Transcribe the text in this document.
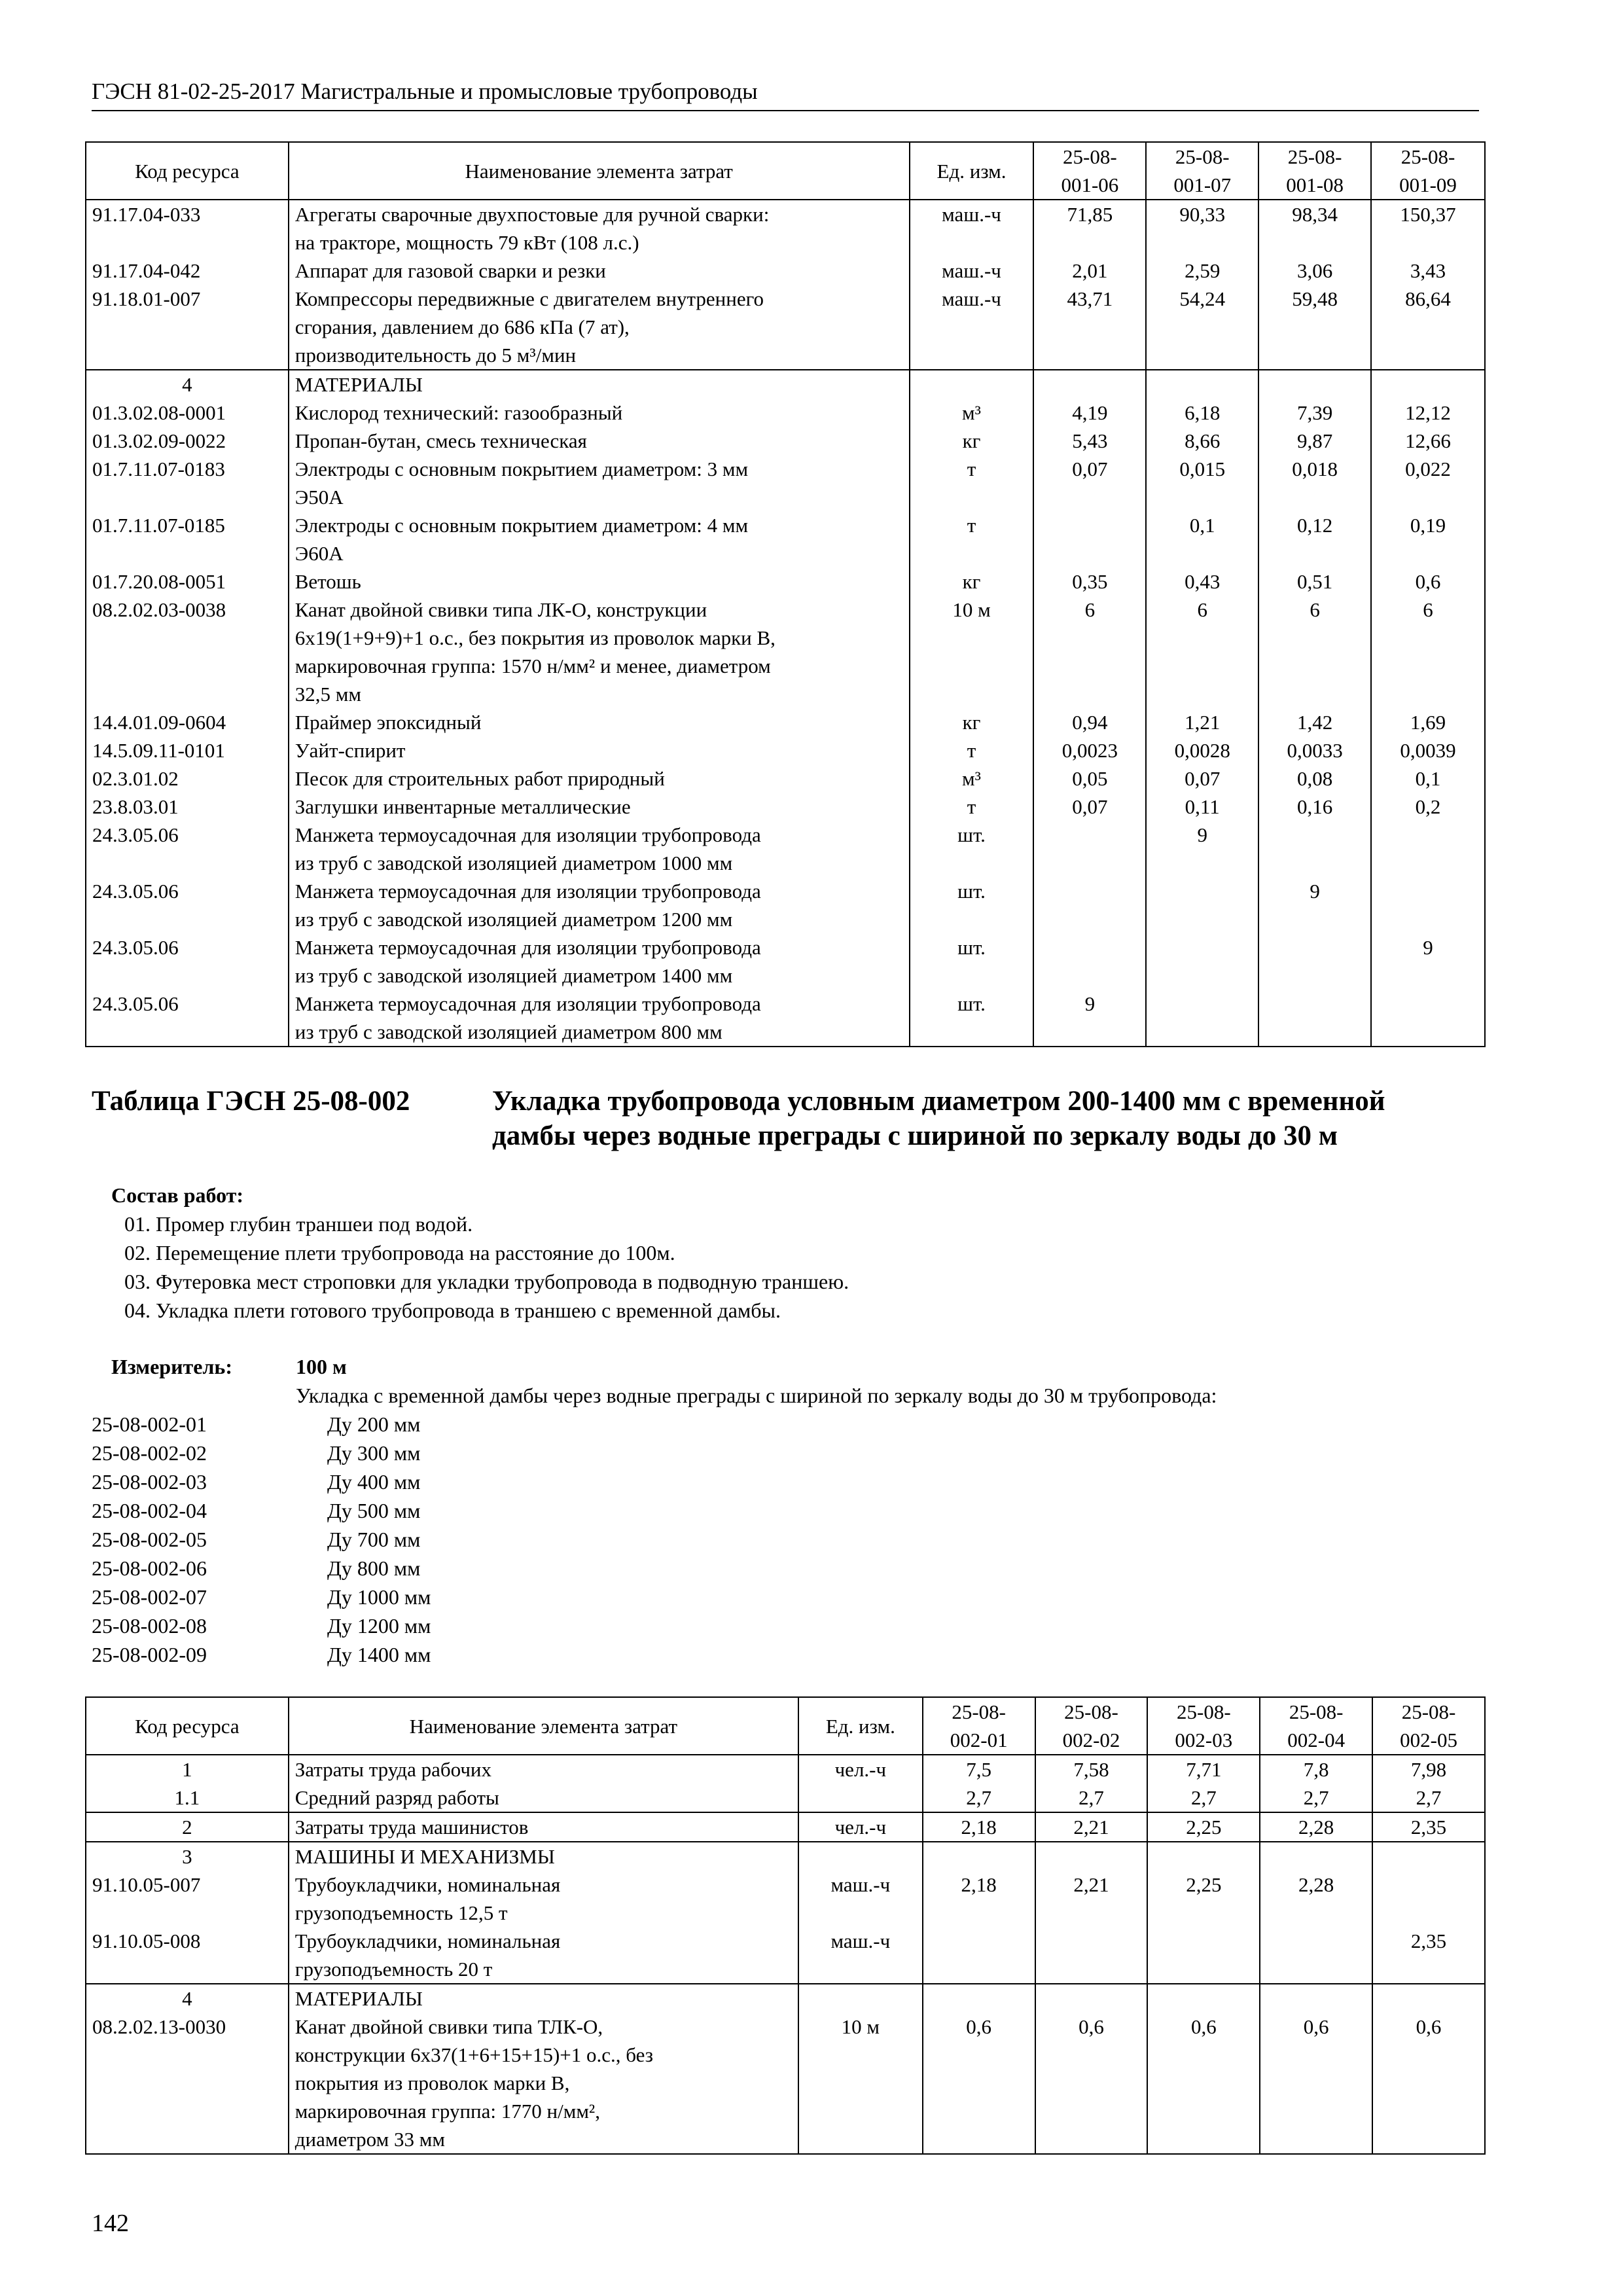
ГЭСН 81-02-25-2017 Магистральные и промысловые трубопроводы
Код ресурса	Наименование элемента затрат	Ед. изм.	25-08-
001-06	25-08-
001-07	25-08-
001-08	25-08-
001-09
91.17.04-033	Агрегаты сварочные двухпостовые для ручной сварки:
на тракторе, мощность 79 кВт (108 л.с.)	маш.-ч	71,85	90,33	98,34	150,37
91.17.04-042	Аппарат для газовой сварки и резки	маш.-ч	2,01	2,59	3,06	3,43
91.18.01-007	Компрессоры передвижные с двигателем внутреннего
сгорания, давлением до 686 кПа (7 ат),
производительность до 5 м³/мин	маш.-ч	43,71	54,24	59,48	86,64
4	МАТЕРИАЛЫ					
01.3.02.08-0001	Кислород технический: газообразный	м³	4,19	6,18	7,39	12,12
01.3.02.09-0022	Пропан-бутан, смесь техническая	кг	5,43	8,66	9,87	12,66
01.7.11.07-0183	Электроды с основным покрытием диаметром: 3 мм
Э50А	т	0,07	0,015	0,018	0,022
01.7.11.07-0185	Электроды с основным покрытием диаметром: 4 мм
Э60А	т		0,1	0,12	0,19
01.7.20.08-0051	Ветошь	кг	0,35	0,43	0,51	0,6
08.2.02.03-0038	Канат двойной свивки типа ЛК-О, конструкции
6х19(1+9+9)+1 о.с., без покрытия из проволок марки В,
маркировочная группа: 1570 н/мм² и менее, диаметром
32,5 мм	10 м	6	6	6	6
14.4.01.09-0604	Праймер эпоксидный	кг	0,94	1,21	1,42	1,69
14.5.09.11-0101	Уайт-спирит	т	0,0023	0,0028	0,0033	0,0039
02.3.01.02	Песок для строительных работ природный	м³	0,05	0,07	0,08	0,1
23.8.03.01	Заглушки инвентарные металлические	т	0,07	0,11	0,16	0,2
24.3.05.06	Манжета термоусадочная для изоляции трубопровода
из труб с заводской изоляцией диаметром 1000 мм	шт.		9		
24.3.05.06	Манжета термоусадочная для изоляции трубопровода
из труб с заводской изоляцией диаметром 1200 мм	шт.			9	
24.3.05.06	Манжета термоусадочная для изоляции трубопровода
из труб с заводской изоляцией диаметром 1400 мм	шт.				9
24.3.05.06	Манжета термоусадочная для изоляции трубопровода
из труб с заводской изоляцией диаметром 800 мм	шт.	9			
Таблица ГЭСН 25-08-002	Укладка трубопровода условным диаметром 200-1400 мм с временной
дамбы через водные преграды с шириной по зеркалу воды до 30 м
Состав работ:
01. Промер глубин траншеи под водой.
02. Перемещение плети трубопровода на расстояние до 100м.
03. Футеровка мест строповки для укладки трубопровода в подводную траншею.
04. Укладка плети готового трубопровода в траншею с временной дамбы.
Измеритель:	100 м
Укладка с временной дамбы через водные преграды с шириной по зеркалу воды до 30 м трубопровода:
25-08-002-01	Ду 200 мм
25-08-002-02	Ду 300 мм
25-08-002-03	Ду 400 мм
25-08-002-04	Ду 500 мм
25-08-002-05	Ду 700 мм
25-08-002-06	Ду 800 мм
25-08-002-07	Ду 1000 мм
25-08-002-08	Ду 1200 мм
25-08-002-09	Ду 1400 мм
Код ресурса	Наименование элемента затрат	Ед. изм.	25-08-
002-01	25-08-
002-02	25-08-
002-03	25-08-
002-04	25-08-
002-05
1	Затраты труда рабочих	чел.-ч	7,5	7,58	7,71	7,8	7,98
1.1	Средний разряд работы		2,7	2,7	2,7	2,7	2,7
2	Затраты труда машинистов	чел.-ч	2,18	2,21	2,25	2,28	2,35
3	МАШИНЫ И МЕХАНИЗМЫ						
91.10.05-007	Трубоукладчики, номинальная
грузоподъемность 12,5 т	маш.-ч	2,18	2,21	2,25	2,28	
91.10.05-008	Трубоукладчики, номинальная
грузоподъемность 20 т	маш.-ч					2,35
4	МАТЕРИАЛЫ						
08.2.02.13-0030	Канат двойной свивки типа ТЛК-О,
конструкции 6х37(1+6+15+15)+1 о.с., без
покрытия из проволок марки В,
маркировочная группа: 1770 н/мм²,
диаметром 33 мм	10 м	0,6	0,6	0,6	0,6	0,6
142
